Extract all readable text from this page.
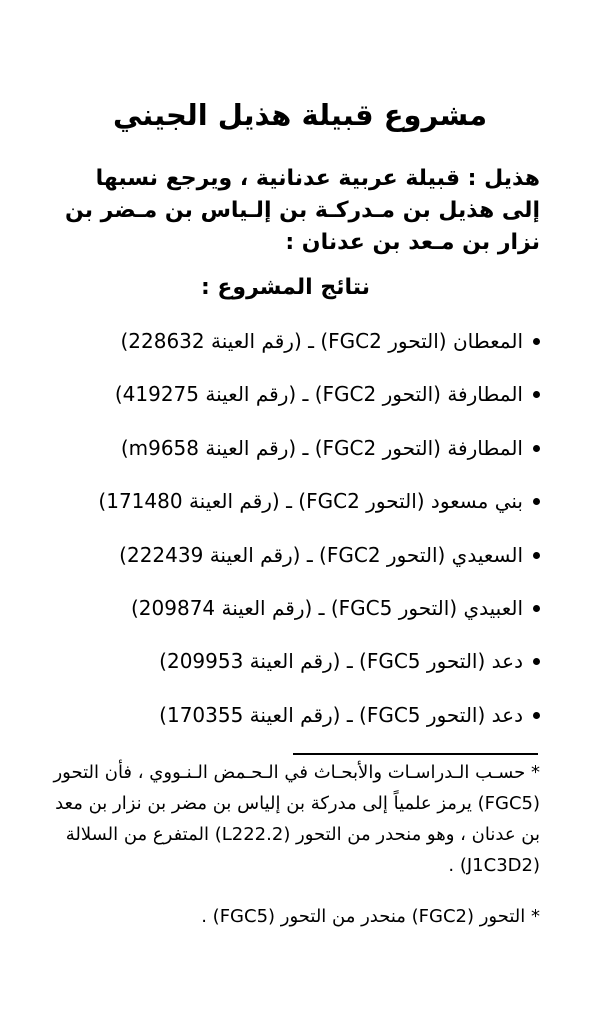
مشروع قبيلة هذيل الجيني
هذيل : قبيلة عربية عدنانية ، ويرجع نسبها إلى هذيل بن مـدركـة بن إلـياس بن مـضر بن نزار بن مـعد بن عدنان :
نتائج المشروع :
المعطان (التحور FGC2) ـ (رقم العينة 228632)
المطارفة (التحور FGC2) ـ (رقم العينة 419275)
المطارفة (التحور FGC2) ـ (رقم العينة m9658)
بني مسعود (التحور FGC2) ـ (رقم العينة 171480)
السعيدي (التحور FGC2) ـ (رقم العينة 222439)
العبيدي (التحور FGC5) ـ (رقم العينة 209874)
دعد (التحور FGC5) ـ (رقم العينة 209953)
دعد (التحور FGC5) ـ (رقم العينة 170355)

* حسـب الـدراسـات والأبحـاث في الـحـمض الـنـووي ، فأن التحور (FGC5) يرمز علمياً إلى مدركة بن إلياس بن مضر بن نزار بن معد بن عدنان ، وهو منحدر من التحور (L222.2) المتفرع من السلالة (J1C3D2) .

* التحور (FGC2) منحدر من التحور (FGC5) .
